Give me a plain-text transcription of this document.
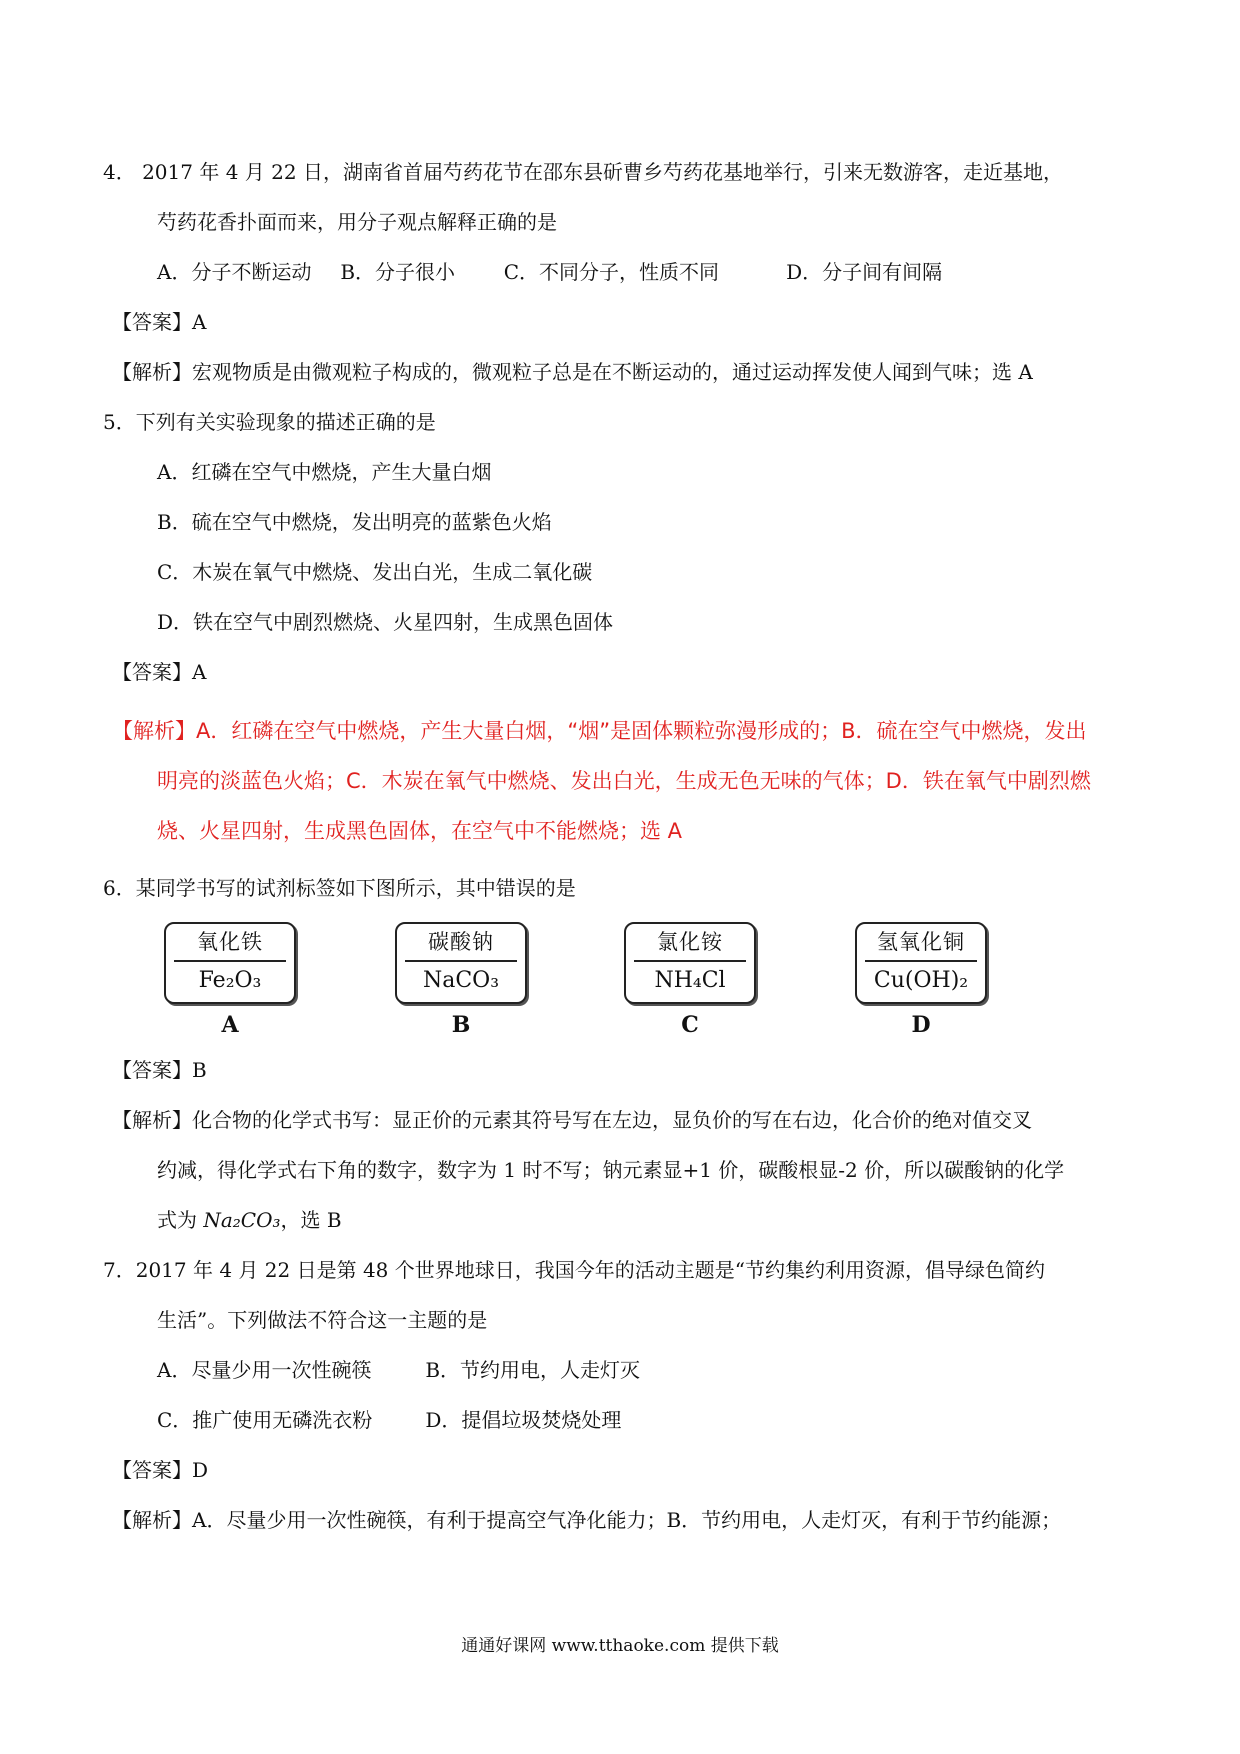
4． 2017 年 4 月 22 日，湖南省首届芍药花节在邵东县斫曹乡芍药花基地举行，引来无数游客，走近基地，
芍药花香扑面而来，用分子观点解释正确的是
A．分子不断运动 B．分子很小 C．不同分子，性质不同	D．分子间有间隔
【答案】A
【解析】宏观物质是由微观粒子构成的，微观粒子总是在不断运动的，通过运动挥发使人闻到气味；选 A
5．下列有关实验现象的描述正确的是
A．红磷在空气中燃烧，产生大量白烟
B．硫在空气中燃烧，发出明亮的蓝紫色火焰
C．木炭在氧气中燃烧、发出白光，生成二氧化碳
D．铁在空气中剧烈燃烧、火星四射，生成黑色固体
【答案】A
【解析】A．红磷在空气中燃烧，产生大量白烟，“烟”是固体颗粒弥漫形成的；B．硫在空气中燃烧，发出
明亮的淡蓝色火焰；C．木炭在氧气中燃烧、发出白光，生成无色无味的气体；D．铁在氧气中剧烈燃
烧、火星四射，生成黑色固体，在空气中不能燃烧；选 A
6．某同学书写的试剂标签如下图所示，其中错误的是
氧化铁
Fe₂O₃
A
碳酸钠
NaCO₃
B
氯化铵
NH₄Cl
C
氢氧化铜
Cu(OH)₂
D
【答案】B
【解析】化合物的化学式书写：显正价的元素其符号写在左边，显负价的写在右边，化合价的绝对值交叉
约减，得化学式右下角的数字，数字为 1 时不写；钠元素显+1 价，碳酸根显-2 价，所以碳酸钠的化学
式为 Na₂CO₃，选 B
7．2017 年 4 月 22 日是第 48 个世界地球日，我国今年的活动主题是“节约集约利用资源，倡导绿色简约
生活”。下列做法不符合这一主题的是
A．尽量少用一次性碗筷	B．节约用电，人走灯灭
C．推广使用无磷洗衣粉	D．提倡垃圾焚烧处理
【答案】D
【解析】A．尽量少用一次性碗筷，有利于提高空气净化能力；B．节约用电，人走灯灭，有利于节约能源；
通通好课网 www.tthaoke.com 提供下载
